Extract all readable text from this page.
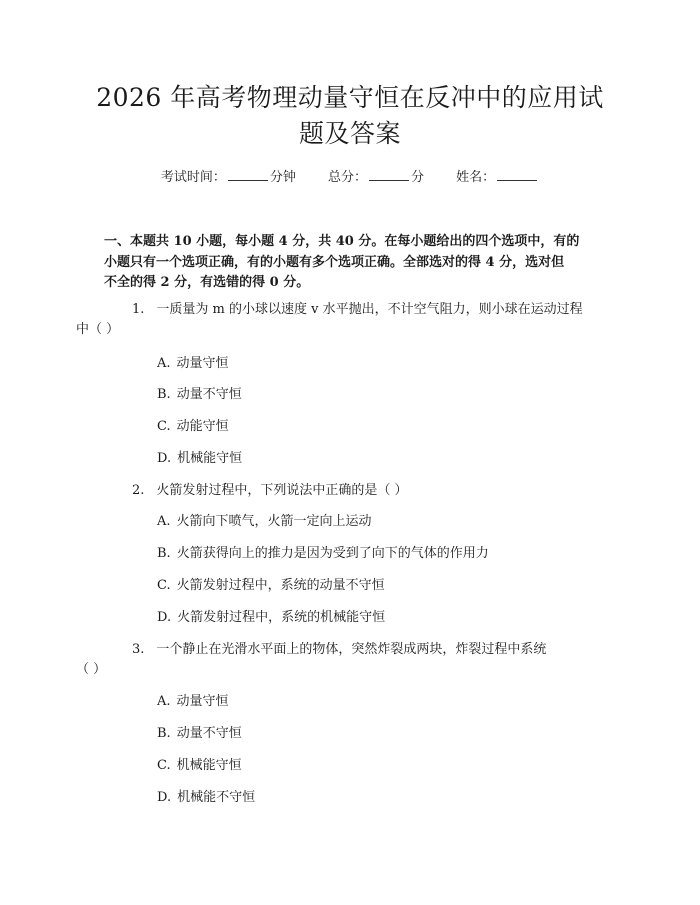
2026 年高考物理动量守恒在反冲中的应用试
题及答案
考试时间：	分钟 总分：	分 姓名：

一、本题共 10 小题，每小题 4 分，共 40 分。在每小题给出的四个选项中，有的
小题只有一个选项正确，有的小题有多个选项正确。全部选对的得 4 分，选对但
不全的得 2 分，有选错的得 0 分。

1. 一质量为 m 的小球以速度 v 水平抛出，不计空气阻力，则小球在运动过程
中（ ）

A. 动量守恒

B. 动量不守恒

C. 动能守恒

D. 机械能守恒

2. 火箭发射过程中，下列说法中正确的是（ ）

A. 火箭向下喷气，火箭一定向上运动

B. 火箭获得向上的推力是因为受到了向下的气体的作用力

C. 火箭发射过程中，系统的动量不守恒

D. 火箭发射过程中，系统的机械能守恒

3. 一个静止在光滑水平面上的物体，突然炸裂成两块，炸裂过程中系统
（ ）

A. 动量守恒

B. 动量不守恒

C. 机械能守恒

D. 机械能不守恒
